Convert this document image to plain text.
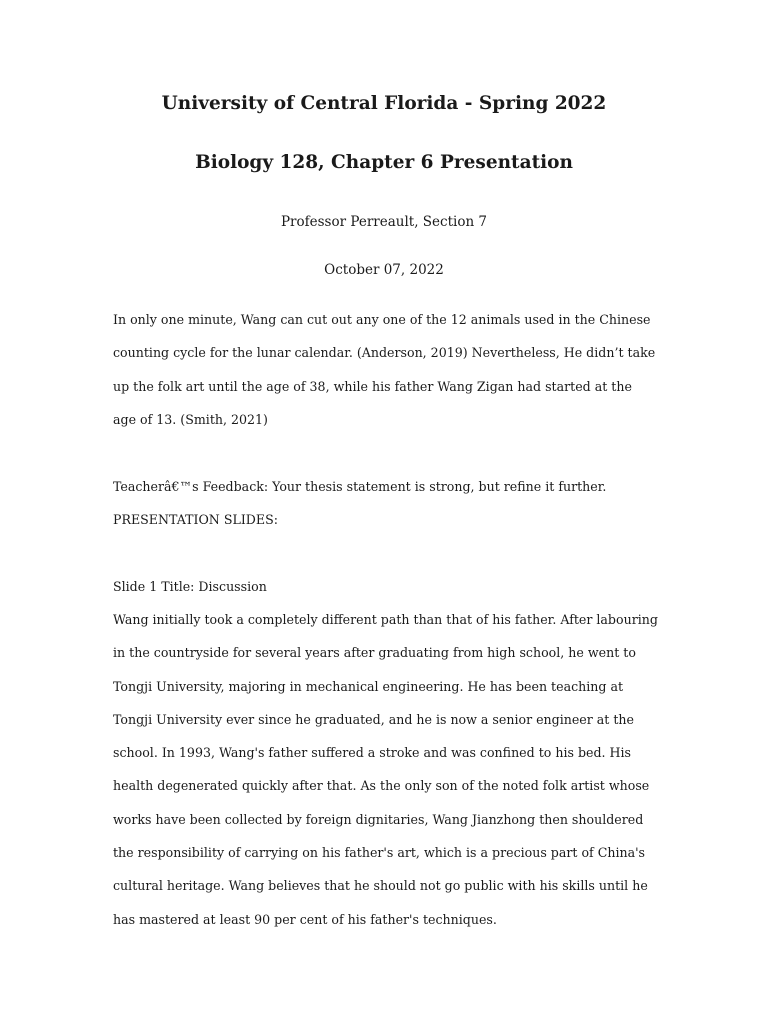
University of Central Florida - Spring 2022
Biology 128, Chapter 6 Presentation
Professor Perreault, Section 7
October 07, 2022

In only one minute, Wang can cut out any one of the 12 animals used in the Chinese counting cycle for the lunar calendar. (Anderson, 2019) Nevertheless, He didn’t take up the folk art until the age of 38, while his father Wang Zigan had started at the age of 13. (Smith, 2021)

Teacherâ€™s Feedback: Your thesis statement is strong, but refine it further.

PRESENTATION SLIDES:

Slide 1 Title: Discussion

Wang initially took a completely different path than that of his father. After labouring in the countryside for several years after graduating from high school, he went to Tongji University, majoring in mechanical engineering. He has been teaching at Tongji University ever since he graduated, and he is now a senior engineer at the school. In 1993, Wang's father suffered a stroke and was confined to his bed. His health degenerated quickly after that. As the only son of the noted folk artist whose works have been collected by foreign dignitaries, Wang Jianzhong then shouldered the responsibility of carrying on his father's art, which is a precious part of China's cultural heritage. Wang believes that he should not go public with his skills until he has mastered at least 90 per cent of his father's techniques.
